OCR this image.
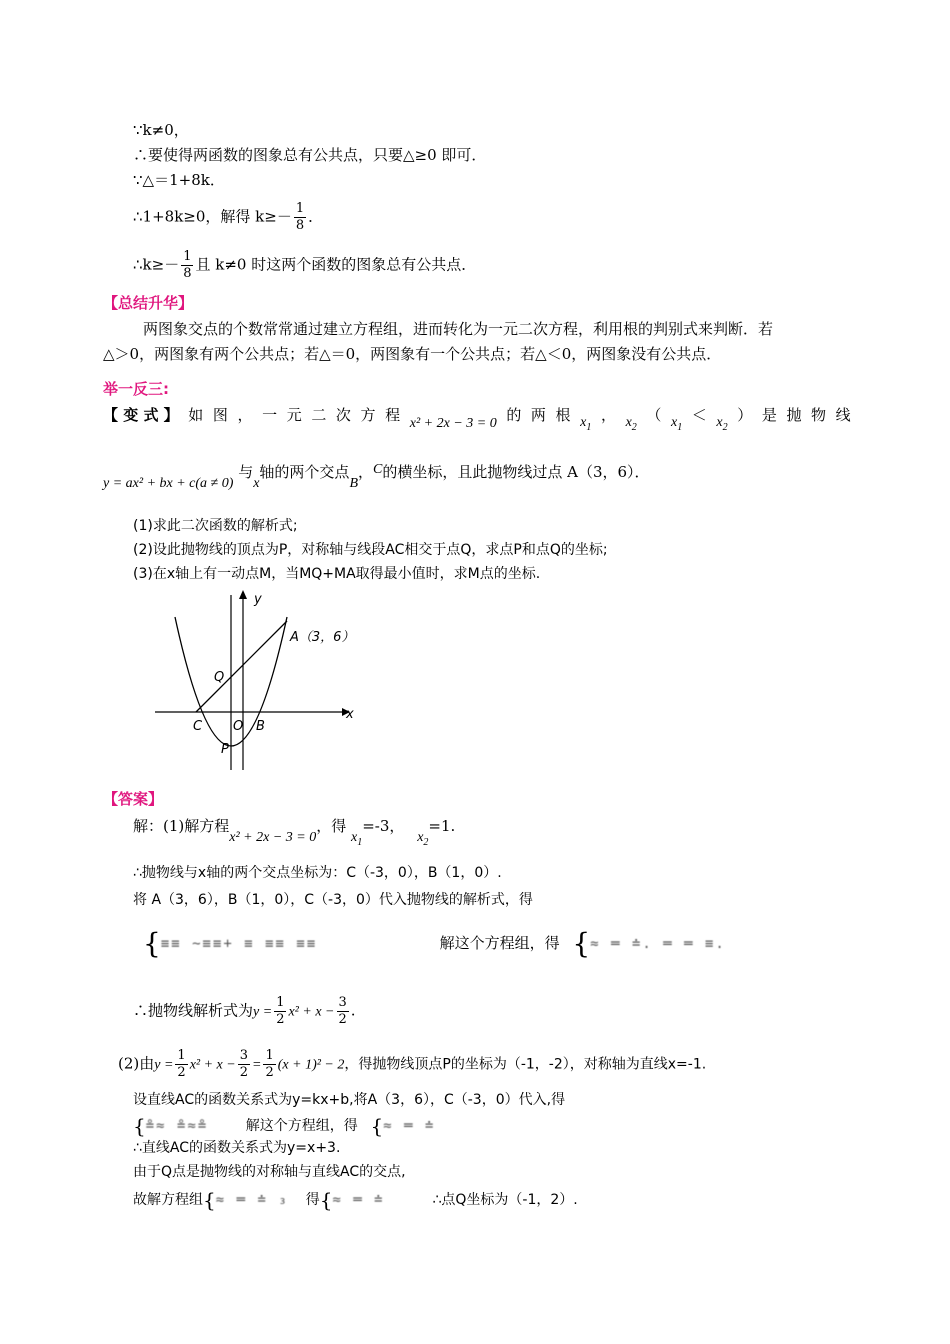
∵k≠0，
∴要使得两函数的图象总有公共点，只要△≥0 即可．
∵△＝1+8k．
∴1+8k≥0，解得 $k\ge- \frac{1}{8}$ ．
∴k≥－ $\frac{1}{8}$ 且 k≠0 时这两个函数的图象总有公共点．
【总结升华】
两图象交点的个数常常通过建立方程组，进而转化为一元二次方程，利用根的判别式来判断．若
△＞0，两图象有两个公共点；若△＝0，两图象有一个公共点；若△＜0，两图象没有公共点．
举一反三:
【 变 式 】 如 图 ， 一 元 二 次 方 程 x² + 2x − 3 = 0 的 两 根 $x_1$
， $x_2$
（ $x_1$
＜ $x_2$
） 是 抛 物 线
y = ax² + bx + c(a ≠ 0) 与x轴的两个交点B，C的横坐标，且此抛物线过点 A（3，6）．
(1)求此二次函数的解析式;
(2)设此抛物线的顶点为P，对称轴与线段AC相交于点Q，求点P和点Q的坐标;
(3)在x轴上有一动点M，当MQ+MA取得最小值时，求M点的坐标.
y
x
A（3，6）
Q
C O B
P
【答案】
解：(1)解方程x² + 2x − 3 = 0，得 $x_1=-3$， $x_2=1$.
∴抛物线与x轴的两个交点坐标为：C（-3，0），B（1，0）.
将 A（3，6），B（1，0），C（-3，0）代入抛物线的解析式，得
{≡≡ ~≡≡+ ≡ ≡≡ ≡≡	解这个方程组，得 {≈ ═ ≐. ═ ═ ≡.
∴抛物线解析式为$y = \frac{1}{2} x^2 + x - \frac{3}{2}$ .
(2)由$y = \frac{1}{2} x^2 + x - \frac{3}{2} = \frac{1}{2} (x + 1)^2 - 2$，得抛物线顶点P的坐标为（-1，-2），对称轴为直线x=-1.
设直线AC的函数关系式为y=kx+b,将A（3，6），C（-3，0）代入,得
{≗≈ ≗≈≗	解这个方程组，得 {≈ ═ ≐
∴直线AC的函数关系式为y=x+3.
由于Q点是抛物线的对称轴与直线AC的交点,
故解方程组{≈ ═ ≐ ₃ 得{≈ ═ ≐	∴点Q坐标为（-1，2）.
